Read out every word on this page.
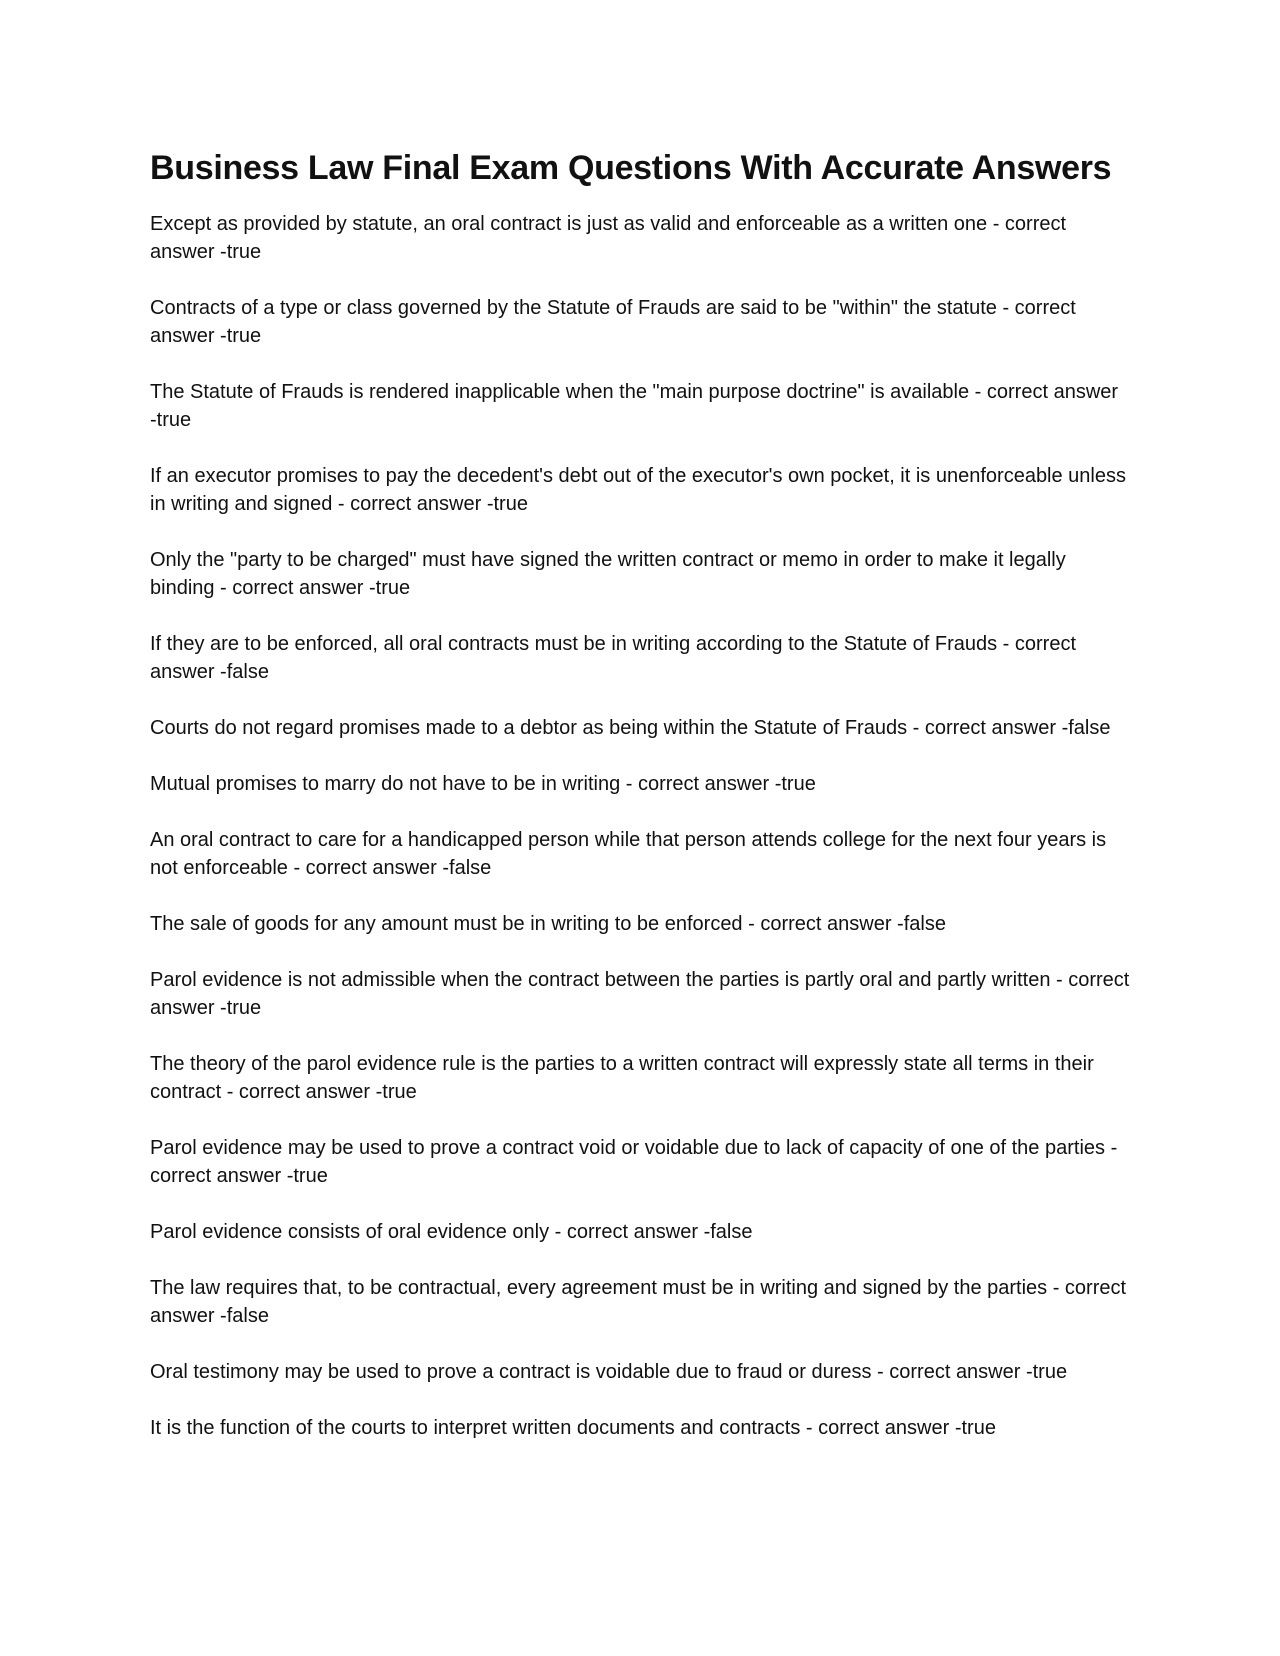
Business Law Final Exam Questions With Accurate Answers
Except as provided by statute, an oral contract is just as valid and enforceable as a written one - correct answer -true
Contracts of a type or class governed by the Statute of Frauds are said to be "within" the statute - correct answer -true
The Statute of Frauds is rendered inapplicable when the "main purpose doctrine" is available - correct answer -true
If an executor promises to pay the decedent's debt out of the executor's own pocket, it is unenforceable unless in writing and signed - correct answer -true
Only the "party to be charged" must have signed the written contract or memo in order to make it legally binding - correct answer -true
If they are to be enforced, all oral contracts must be in writing according to the Statute of Frauds - correct answer -false
Courts do not regard promises made to a debtor as being within the Statute of Frauds - correct answer -false
Mutual promises to marry do not have to be in writing - correct answer -true
An oral contract to care for a handicapped person while that person attends college for the next four years is not enforceable - correct answer -false
The sale of goods for any amount must be in writing to be enforced - correct answer -false
Parol evidence is not admissible when the contract between the parties is partly oral and partly written - correct answer -true
The theory of the parol evidence rule is the parties to a written contract will expressly state all terms in their contract - correct answer -true
Parol evidence may be used to prove a contract void or voidable due to lack of capacity of one of the parties - correct answer -true
Parol evidence consists of oral evidence only - correct answer -false
The law requires that, to be contractual, every agreement must be in writing and signed by the parties - correct answer -false
Oral testimony may be used to prove a contract is voidable due to fraud or duress - correct answer -true
It is the function of the courts to interpret written documents and contracts - correct answer -true
